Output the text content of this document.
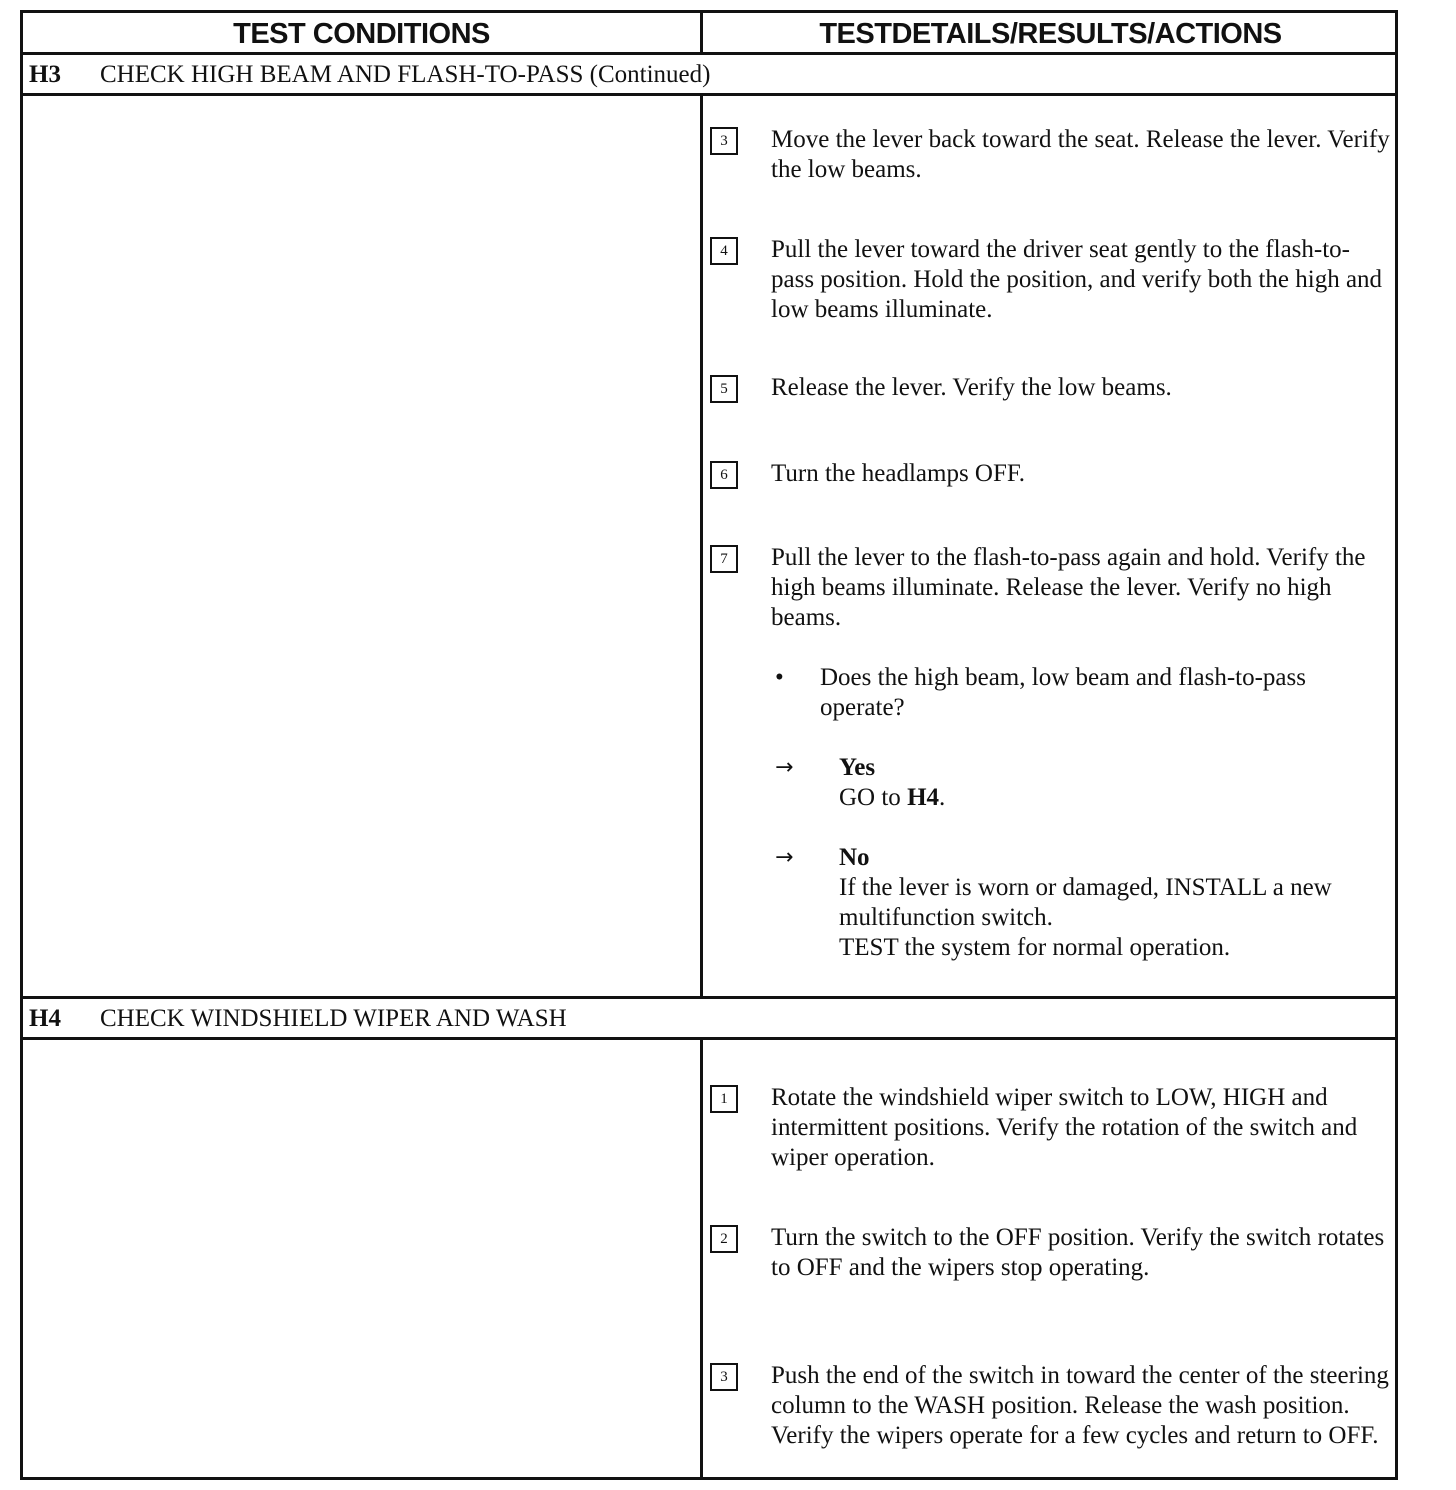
TEST CONDITIONS	TESTDETAILS/RESULTS/ACTIONS
H3 CHECK HIGH BEAM AND FLASH-TO-PASS (Continued)
3	Move the lever back toward the seat. Release the lever. Verify the low beams.
4	Pull the lever toward the driver seat gently to the flash-to-pass position. Hold the position, and verify both the high and low beams illuminate.
5	Release the lever. Verify the low beams.
6	Turn the headlamps OFF.
7	Pull the lever to the flash-to-pass again and hold. Verify the high beams illuminate. Release the lever. Verify no high beams.
• Does the high beam, low beam and flash-to-pass operate?
→ Yes
GO to H4.
→ No
If the lever is worn or damaged, INSTALL a new multifunction switch.
TEST the system for normal operation.
H4 CHECK WINDSHIELD WIPER AND WASH
1	Rotate the windshield wiper switch to LOW, HIGH and intermittent positions. Verify the rotation of the switch and wiper operation.
2	Turn the switch to the OFF position. Verify the switch rotates to OFF and the wipers stop operating.
3	Push the end of the switch in toward the center of the steering column to the WASH position. Release the wash position. Verify the wipers operate for a few cycles and return to OFF.
